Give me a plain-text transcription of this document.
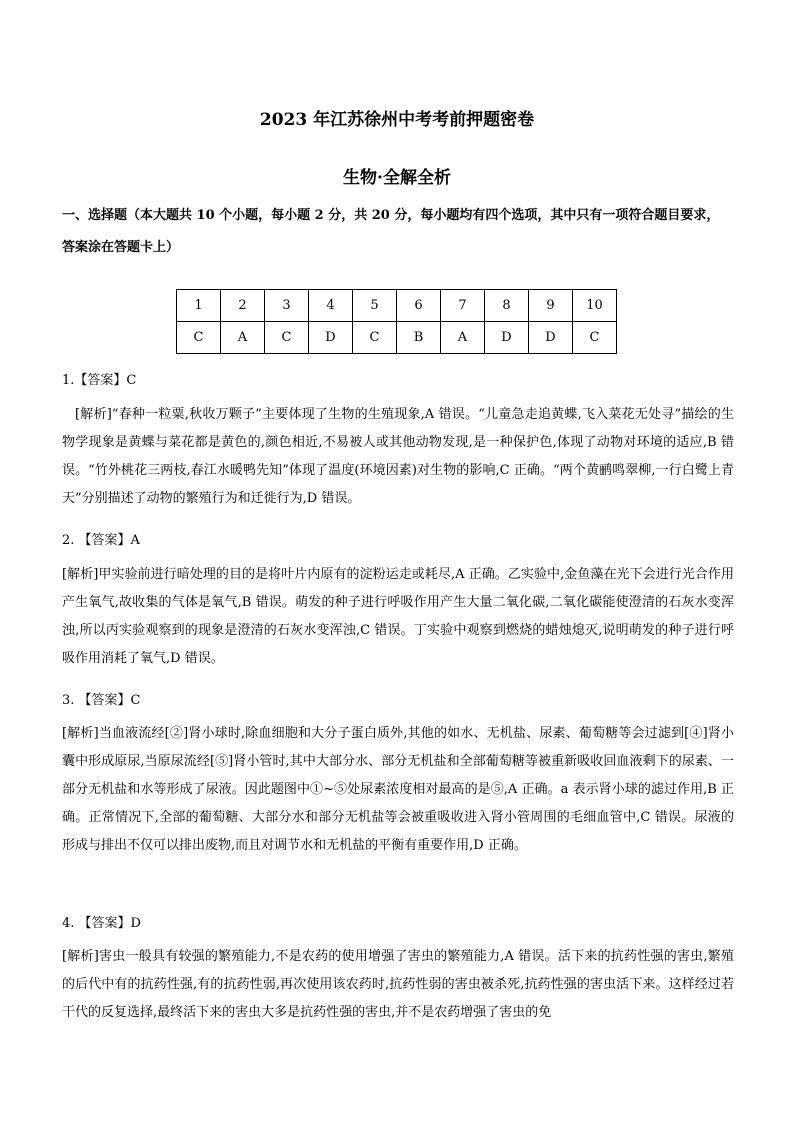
2023 年江苏徐州中考考前押题密卷
生物·全解全析
一、选择题（本大题共 10 个小题，每小题 2 分，共 20 分，每小题均有四个选项，其中只有一项符合题目要求，答案涂在答题卡上）
1	2	3	4	5	6	7	8	9	10
C	A	C	D	C	B	A	D	D	C
1.【答案】C
[解析]“春种一粒粟,秋收万颗子”主要体现了生物的生殖现象,A 错误。“儿童急走追黄蝶,飞入菜花无处寻”描绘的生物学现象是黄蝶与菜花都是黄色的,颜色相近,不易被人或其他动物发现,是一种保护色,体现了动物对环境的适应,B 错误。“竹外桃花三两枝,春江水暖鸭先知”体现了温度(环境因素)对生物的影响,C 正确。“两个黄鹂鸣翠柳,一行白鹭上青天”分别描述了动物的繁殖行为和迁徙行为,D 错误。
2. 【答案】A
[解析]甲实验前进行暗处理的目的是将叶片内原有的淀粉运走或耗尽,A 正确。乙实验中,金鱼藻在光下会进行光合作用产生氧气,故收集的气体是氧气,B 错误。萌发的种子进行呼吸作用产生大量二氧化碳,二氧化碳能使澄清的石灰水变浑浊,所以丙实验观察到的现象是澄清的石灰水变浑浊,C 错误。丁实验中观察到燃烧的蜡烛熄灭,说明萌发的种子进行呼吸作用消耗了氧气,D 错误。
3. 【答案】C
[解析]当血液流经[②]肾小球时,除血细胞和大分子蛋白质外,其他的如水、无机盐、尿素、葡萄糖等会过滤到[④]肾小囊中形成原尿,当原尿流经[⑤]肾小管时,其中大部分水、部分无机盐和全部葡萄糖等被重新吸收回血液剩下的尿素、一部分无机盐和水等形成了尿液。因此题图中①~⑤处尿素浓度相对最高的是⑤,A 正确。a 表示肾小球的滤过作用,B 正确。正常情况下,全部的葡萄糖、大部分水和部分无机盐等会被重吸收进入肾小管周围的毛细血管中,C 错误。尿液的形成与排出不仅可以排出废物,而且对调节水和无机盐的平衡有重要作用,D 正确。
4. 【答案】D
[解析]害虫一般具有较强的繁殖能力,不是农药的使用增强了害虫的繁殖能力,A 错误。活下来的抗药性强的害虫,繁殖的后代中有的抗药性强,有的抗药性弱,再次使用该农药时,抗药性弱的害虫被杀死,抗药性强的害虫活下来。这样经过若干代的反复选择,最终活下来的害虫大多是抗药性强的害虫,并不是农药增强了害虫的免
